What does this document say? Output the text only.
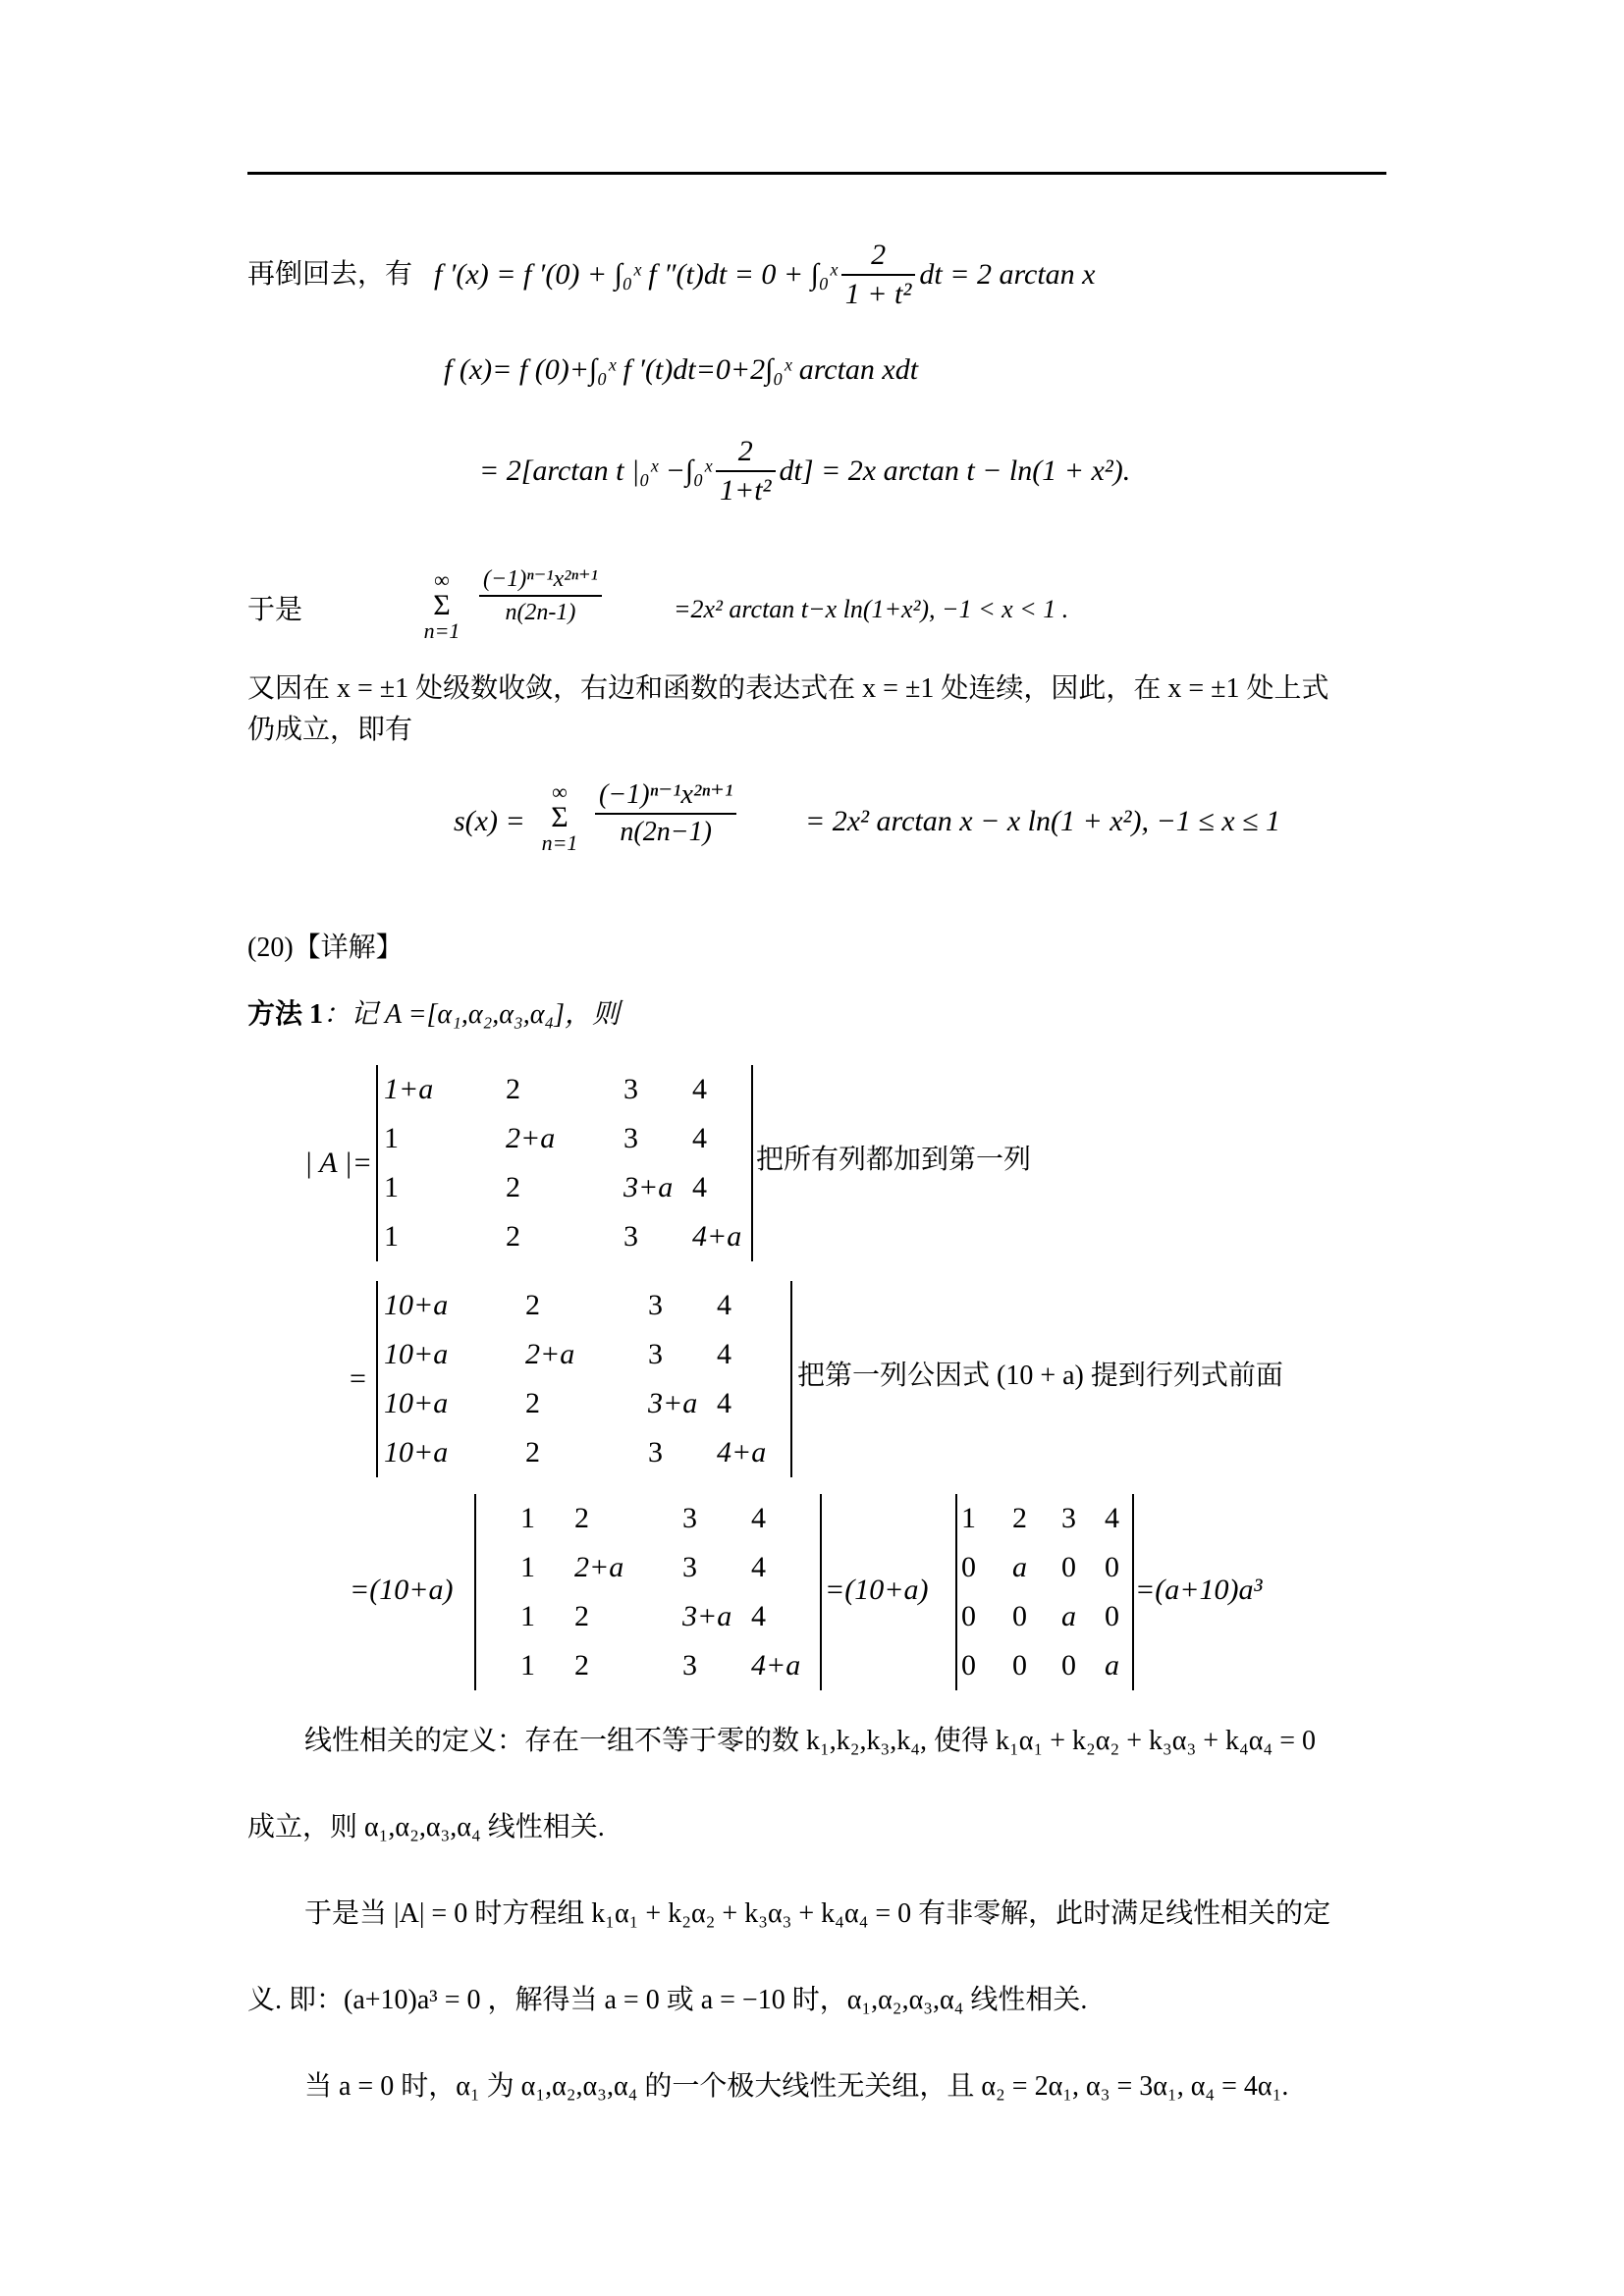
再倒回去，有 f ′(x) = f ′(0) + ∫₀ˣ f ″(t)dt = 0 + ∫₀ˣ $\frac{2}{\text{1 + t²}}$ dt = 2 arctan x
f (x)= f (0)+∫₀ˣ f ′(t)dt=0+2∫₀ˣ arctan xdt
= 2[arctan t |₀ˣ −∫₀ˣ $\frac{2}{\text{1+t²}} dt] = 2x$ arctan t − ln(1 + x²).
于是
∞
Σ
n=1
$\frac{\text{(−1)ⁿ⁻¹x²ⁿ⁺¹}}{n(2n-1)}$	=2x² arctan t−x ln(1+x²), −1 < x < 1 .
又因在 x = ±1 处级数收敛，右边和函数的表达式在 x = ±1 处连续，因此，在 x = ±1 处上式
仍成立，即有
s(x) =
∞
Σ
$n=1 \frac{\text{(−1)ⁿ⁻¹x²ⁿ⁺¹}}{n(2n-1)} = 2x^2$ arctan x − x ln(1 + x²), −1 ≤ x ≤ 1
(20)【详解】
方法 1：记 A =[α₁,α₂,α₃,α₄]，则
| A |=
1+a 2	3 4
1	2+a 3 4
1	2	3+a 4
1	2	3 4+a
把所有列都加到第一列
=
10+a	2	3 4
10+a	2+a 3 4
10+a	2	3+a 4
10+a	2	3 4+a
把第一列公因式 (10 + a) 提到行列式前面
=(10+a)
1 2	3 4
1 2+a 3 4
1 2	3+a 4
1 2	3 4+a
=(10+a)
1 2 3 4
0 a 0 0
0 0 a 0
0 0 0 a
=(a+10)a³
线性相关的定义：存在一组不等于零的数 k₁,k₂,k₃,k₄, 使得 k₁α₁ + k₂α₂ + k₃α₃ + k₄α₄ = 0
成立，则 α₁,α₂,α₃,α₄ 线性相关.
于是当 |A| = 0 时方程组 k₁α₁ + k₂α₂ + k₃α₃ + k₄α₄ = 0 有非零解，此时满足线性相关的定
义. 即：(a+10)a³ = 0 ，解得当 a = 0 或 a = −10 时，α₁,α₂,α₃,α₄ 线性相关.
当 a = 0 时，α₁ 为 α₁,α₂,α₃,α₄ 的一个极大线性无关组，且 α₂ = 2α₁, α₃ = 3α₁, α₄ = 4α₁.
